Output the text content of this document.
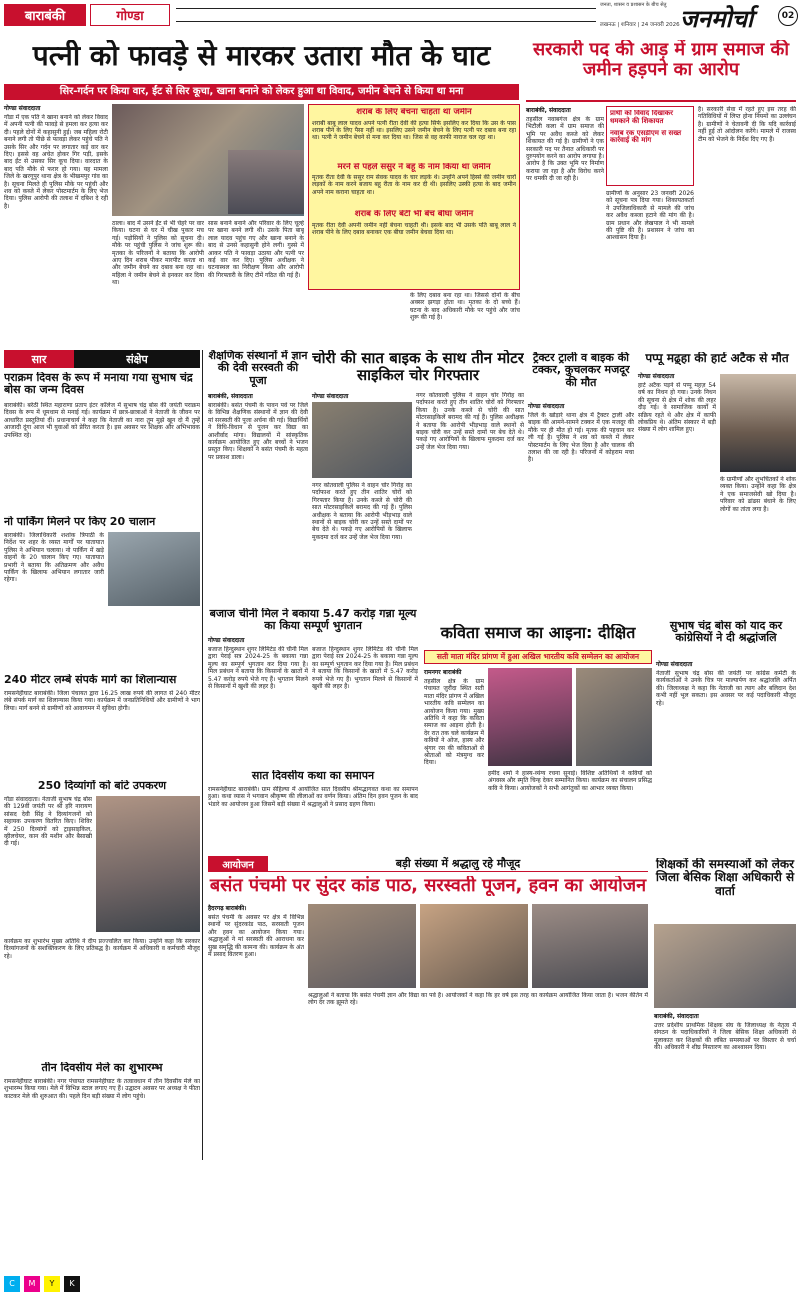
बाराबंकी	गोण्डा
जनता, शासन व प्रशासन के बीच सेतु
लखनऊ | शनिवार | 24 जनवरी 2026 जनमोर्चा	02
पत्नी को फावड़े से मारकर उतारा मौत के घाट
सिर-गर्दन पर किया वार, ईंट से सिर कूचा, खाना बनाने को लेकर हुआ था विवाद, जमीन बेचने से किया था मना
गोण्डा संवाददाता
गोंडा में एक पति ने खाना बनाने को लेकर विवाद में अपनी पत्नी की फावड़े से हमला कर हत्या कर दी। पहले दोनों में कहासुनी हुई। जब महिला रोटी बनाने लगी तो पीछे से फावड़ा लेकर पहुंचे पति ने उसके सिर और गर्दन पर लगातार कई वार कर दिए। इससे वह अचेत होकर गिर पड़ी, इसके बाद ईंट से उसका सिर कूच दिया। वारदात के बाद पति मौके से फरार हो गया। यह मामला जिले के खरगूपुर थाना क्षेत्र के भीखमपुर गांव का है। सूचना मिलते ही पुलिस मौके पर पहुंची और शव को कब्जे में लेकर पोस्टमार्टम के लिए भेज दिया। पुलिस आरोपी की तलाश में दबिश दे रही है।
ठाला। बाद में उसने ईंट से भी चेहरे पर वार किया। घटना से घर में चीख पुकार मच गई। पड़ोसियों ने पुलिस को सूचना दी। मौके पर पहुंची पुलिस ने जांच शुरू की। मृतका के परिजनों ने बताया कि आरोपी आए दिन शराब पीकर मारपीट करता था और जमीन बेचने का दबाव बना रहा था। महिला ने जमीन बेचने से इनकार कर दिया था।
सास बनाने बनाने और परिवार के लिए चूल्हे पर खाना बनने लगी थी। उसके पिता बाबू लाल यादव पहुंच गए और खाना बनाने के बाद से उनसे कहासुनी होने लगी। गुस्से में आकर पति ने फावड़ा उठाया और पत्नी पर कई वार कर दिए। पुलिस अधीक्षक ने घटनास्थल का निरीक्षण किया और आरोपी की गिरफ्तारी के लिए टीमें गठित की गई हैं।
शराब के लिए बेचना चाहता था जमीन
शराबी बाबू लाल यादव अपने पत्नी रीता देवी की हत्या सिर्फ इसलिए कर दिया कि उस के पास शराब पीने के लिए पैसा नहीं था। इसलिए उसने जमीन बेचने के लिए पत्नी पर दबाव बना रहा था। पत्नी ने जमीन बेचने से मना कर दिया था। जिस से वह काफी नाराज चल रहा था।
मरने से पहले ससुर ने बहू के नाम किया था जमीन
मृतक रीता देवी के ससुर राम सेवक यादव के चार लड़के थे। उन्होंने अपने हिस्से की जमीन चारों लड़कों के नाम करने बजाय बहू रीता के नाम कर दी थी। इसलिए उस्की हत्या के बाद जमीन अपने नाम कराना चाहता था।
शराब के लिए बेटी भी बेच बीघा जमीन
मृतक रीता देवी अपनी जमीन नहीं बेचना चाहती थी। इसके बाद भी उसके पति बाबू लाल ने शराब पीने के लिए दबाव बनाकर एक बीघा जमीन बेचवा दिया था।
के लिए दबाव बना रहा था। जिससे दोनों के बीच अक्सर झगड़ा होता था। मृतका के दो बच्चे हैं। घटना के बाद अधिकारी मौके पर पहुंचे और जांच शुरू की गई है।
सरकारी पद की आड़ में ग्राम समाज की जमीन हड़पने का आरोप
बाराबंकी, संवाददाता	प्रार्थी को विवाद दिखाकर धमकाने की शिकायत
नवाब रक एसडीएम से सख्त कार्रवाई की मांग
तहसील नवाबगंज क्षेत्र के ग्राम भिटौली कला में ग्राम समाज की भूमि पर अवैध कब्जे को लेकर शिकायत की गई है। ग्रामीणों ने एक सरकारी पद पर तैनात अधिकारी पर दुरुपयोग करने का आरोप लगाया है। आरोप है कि उक्त भूमि पर निर्माण कराया जा रहा है और विरोध करने पर धमकी दी जा रही है।
ग्रामीणों के अनुसार 23 जनवरी 2026 को सूचना पत्र दिया गया। शिकायतकर्ता ने उपजिलाधिकारी से मामले की जांच कर अवैध कब्जा हटाने की मांग की है। ग्राम प्रधान और लेखपाल ने भी मामले की पुष्टि की है। प्रशासन ने जांच का आश्वासन दिया है।
है। सरकारी सेवा में रहते हुए इस तरह की गतिविधियों में लिप्त होना नियमों का उल्लंघन है। ग्रामीणों ने चेतावनी दी कि यदि कार्रवाई नहीं हुई तो आंदोलन करेंगे। मामले में राजस्व टीम को भेजने के निर्देश दिए गए हैं।
सार	संक्षेप
पराक्रम दिवस के रूप में मनाया गया सुभाष चंद्र बोस का जन्म दिवस
बाराबंकी। बरेठी स्थित महाराणा प्रताप इंटर कॉलेज में सुभाष चंद्र बोस की जयंती पराक्रम दिवस के रूप में धूमधाम से मनाई गई। कार्यक्रम में छात्र-छात्राओं ने नेताजी के जीवन पर आधारित प्रस्तुतियां दीं। प्रधानाचार्य ने कहा कि नेताजी का नारा तुम मुझे खून दो मैं तुम्हें आजादी दूंगा आज भी युवाओं को प्रेरित करता है। इस अवसर पर शिक्षक और अभिभावक उपस्थित रहे।
नो पार्किंग मिलने पर किए 20 चालान
बाराबंकी। जिलाधिकारी शशांक त्रिपाठी के निर्देश पर शहर के व्यस्त मार्गों पर यातायात पुलिस ने अभियान चलाया। नो पार्किंग में खड़े वाहनों के 20 चालान किए गए। यातायात प्रभारी ने बताया कि अतिक्रमण और अवैध पार्किंग के खिलाफ अभियान लगातार जारी रहेगा।
240 मीटर लम्बे संपर्क मार्ग का शिलान्यास
रामसनेहीघाट बाराबंकी। जिला पंचायत द्वारा 16.25 लाख रुपये की लागत से 240 मीटर लंबे संपर्क मार्ग का शिलान्यास किया गया। कार्यक्रम में जनप्रतिनिधियों और ग्रामीणों ने भाग लिया। मार्ग बनने से ग्रामीणों को आवागमन में सुविधा होगी।
250 दिव्यांगों को बांटे उपकरण
गोंडा संवाददाता। नेताजी सुभाष चंद्र बोस की 129वीं जयंती पर श्री हरि नारायण सांसद देवी सिंह ने दिव्यांगजनों को सहायक उपकरण वितरित किए। शिविर में 250 दिव्यांगों को ट्राइसाइकिल, व्हीलचेयर, कान की मशीन और बैसाखी दी गई।
कार्यक्रम का शुभारंभ मुख्य अतिथि ने दीप प्रज्ज्वलित कर किया। उन्होंने कहा कि सरकार दिव्यांगजनों के सशक्तिकरण के लिए प्रतिबद्ध है। कार्यक्रम में अधिकारी व कर्मचारी मौजूद रहे।
तीन दिवसीय मेले का शुभारम्भ
रामसनेहीघाट बाराबंकी। नगर पंचायत रामसनेहीघाट के तत्वावधान में तीन दिवसीय मेले का शुभारम्भ किया गया। मेले में विभिन्न स्टाल लगाए गए हैं। उद्घाटन अवसर पर अध्यक्ष ने फीता काटकर मेले की शुरुआत की। पहले दिन बड़ी संख्या में लोग पहुंचे।
शैक्षणिक संस्थानों में ज्ञान की देवी सरस्वती की पूजा
बाराबंकी, संवाददाता
बाराबंकी। बसंत पंचमी के पावन पर्व पर जिले के विभिन्न शैक्षणिक संस्थानों में ज्ञान की देवी मां सरस्वती की पूजा अर्चना की गई। विद्यार्थियों ने विधि-विधान से पूजन कर विद्या का आशीर्वाद मांगा। विद्यालयों में सांस्कृतिक कार्यक्रम आयोजित हुए और बच्चों ने भजन प्रस्तुत किए। शिक्षकों ने बसंत पंचमी के महत्व पर प्रकाश डाला।
चोरी की सात बाइक के साथ तीन मोटर साइकिल चोर गिरफ्तार
गोण्डा संवाददाता
नगर कोतवाली पुलिस ने वाहन चोर गिरोह का पर्दाफाश करते हुए तीन शातिर चोरों को गिरफ्तार किया है। उनके कब्जे से चोरी की सात मोटरसाइकिलें बरामद की गई हैं। पुलिस अधीक्षक ने बताया कि आरोपी भीड़भाड़ वाले स्थानों से बाइक चोरी कर उन्हें सस्ते दामों पर बेच देते थे। पकड़े गए आरोपियों के खिलाफ मुकदमा दर्ज कर उन्हें जेल भेज दिया गया।
नगर कोतवाली पुलिस ने वाहन चोर गिरोह का पर्दाफाश करते हुए तीन शातिर चोरों को गिरफ्तार किया है। उनके कब्जे से चोरी की सात मोटरसाइकिलें बरामद की गई हैं। पुलिस अधीक्षक ने बताया कि आरोपी भीड़भाड़ वाले स्थानों से बाइक चोरी कर उन्हें सस्ते दामों पर बेच देते थे। पकड़े गए आरोपियों के खिलाफ मुकदमा दर्ज कर उन्हें जेल भेज दिया गया।
बजाज चीनी मिल ने बकाया 5.47 करोड़ गन्ना मूल्य का किया सम्पूर्ण भुगतान
गोण्डा संवाददाता
बजाज हिन्दुस्थान शुगर लिमिटेड की चीनी मिल द्वारा पेराई सत्र 2024-25 के बकाया गन्ना मूल्य का सम्पूर्ण भुगतान कर दिया गया है। मिल प्रबंधन ने बताया कि किसानों के खातों में 5.47 करोड़ रुपये भेजे गए हैं। भुगतान मिलने से किसानों में खुशी की लहर है।
बजाज हिन्दुस्थान शुगर लिमिटेड की चीनी मिल द्वारा पेराई सत्र 2024-25 के बकाया गन्ना मूल्य का सम्पूर्ण भुगतान कर दिया गया है। मिल प्रबंधन ने बताया कि किसानों के खातों में 5.47 करोड़ रुपये भेजे गए हैं। भुगतान मिलने से किसानों में खुशी की लहर है।
सात दिवसीय कथा का समापन
रामसनेहीघाट बाराबंकी। ग्राम सेहिल्या में आयोजित सात दिवसीय श्रीमद्भागवत कथा का समापन हुआ। कथा व्यास ने भगवान श्रीकृष्ण की लीलाओं का वर्णन किया। अंतिम दिन हवन पूजन के बाद भंडारे का आयोजन हुआ जिसमें बड़ी संख्या में श्रद्धालुओं ने प्रसाद ग्रहण किया।
ट्रैक्टर ट्राली व बाइक की टक्कर, कुचलकर मजदूर की मौत
गोण्डा संवाददाता
जिले के खोड़ारे थाना क्षेत्र में ट्रैक्टर ट्राली और बाइक की आमने-सामने टक्कर में एक मजदूर की मौके पर ही मौत हो गई। मृतक की पहचान कर ली गई है। पुलिस ने शव को कब्जे में लेकर पोस्टमार्टम के लिए भेज दिया है और चालक की तलाश की जा रही है। परिजनों में कोहराम मचा है।
पप्पू मढ़्हा की हार्ट अटैक से मौत
गोण्डा संवाददाता
हार्ट अटैक पड़ने से पप्पू महज़ 54 वर्ष का निधन हो गया। उनके निधन की सूचना से क्षेत्र में शोक की लहर दौड़ गई। वे सामाजिक कार्यों में सक्रिय रहते थे और क्षेत्र में काफी लोकप्रिय थे। अंतिम संस्कार में बड़ी संख्या में लोग शामिल हुए।
के ग्रामीणों और शुभचिंतकों ने शोक व्यक्त किया। उन्होंने कहा कि क्षेत्र ने एक समाजसेवी खो दिया है। परिवार को ढांढस बंधाने के लिए लोगों का तांता लगा है।
कविता समाज का आइना: दीक्षित
सती माता मंदिर प्रांगण में हुआ अखिल भारतीय कवि सम्मेलन का आयोजन
रामनगर बाराबंकी
तहसील क्षेत्र के ग्राम पंचायत जुरौंदा स्थित सती माता मंदिर प्रांगण में अखिल भारतीय कवि सम्मेलन का आयोजन किया गया। मुख्य अतिथि ने कहा कि कविता समाज का आइना होती है। देर रात तक चले कार्यक्रम में कवियों ने ओज, हास्य और श्रृंगार रस की कविताओं से श्रोताओं को मंत्रमुग्ध कर दिया।
हमीद शर्मा ने हास्य-व्यंग्य रचना सुनाई। विशिष्ट अतिथियों ने कवियों को अंगवस्त्र और स्मृति चिन्ह देकर सम्मानित किया। कार्यक्रम का संचालन प्रसिद्ध कवि ने किया। आयोजकों ने सभी आगंतुकों का आभार व्यक्त किया।
सुभाष चंद्र बोस को याद कर कांग्रेसियों ने दी श्रद्धांजलि
गोण्डा संवाददाता
नेताजी सुभाष चंद्र बोस की जयंती पर कांग्रेस कमेटी के कार्यकर्ताओं ने उनके चित्र पर माल्यार्पण कर श्रद्धांजलि अर्पित की। जिलाध्यक्ष ने कहा कि नेताजी का त्याग और बलिदान देश कभी नहीं भूल सकता। इस अवसर पर कई पदाधिकारी मौजूद रहे।
आयोजन	बड़ी संख्या में श्रद्धालु रहे मौजूद
बसंत पंचमी पर सुंदर कांड पाठ, सरस्वती पूजन, हवन का आयोजन
हैदरगढ़ बाराबंकी।
बसंत पंचमी के अवसर पर क्षेत्र में विभिन्न स्थानों पर सुंदरकांड पाठ, सरस्वती पूजन और हवन का आयोजन किया गया। श्रद्धालुओं ने मां सरस्वती की आराधना कर सुख समृद्धि की कामना की। कार्यक्रम के अंत में प्रसाद वितरण हुआ।
श्रद्धालुओं ने बताया कि बसंत पंचमी ज्ञान और विद्या का पर्व है। आयोजकों ने कहा कि हर वर्ष इस तरह का कार्यक्रम आयोजित किया जाता है। भजन कीर्तन में लोग देर तक झूमते रहे।
शिक्षकों की समस्याओं को लेकर जिला बेसिक शिक्षा अधिकारी से वार्ता
बाराबंकी, संवाददाता
उत्तर प्रदेशीय प्राथमिक शिक्षक संघ के जिलाध्यक्ष के नेतृत्व में संगठन के पदाधिकारियों ने जिला बेसिक शिक्षा अधिकारी से मुलाकात कर शिक्षकों की लंबित समस्याओं पर विस्तार से चर्चा की। अधिकारी ने शीघ्र निस्तारण का आश्वासन दिया।
C	M	Y	K
